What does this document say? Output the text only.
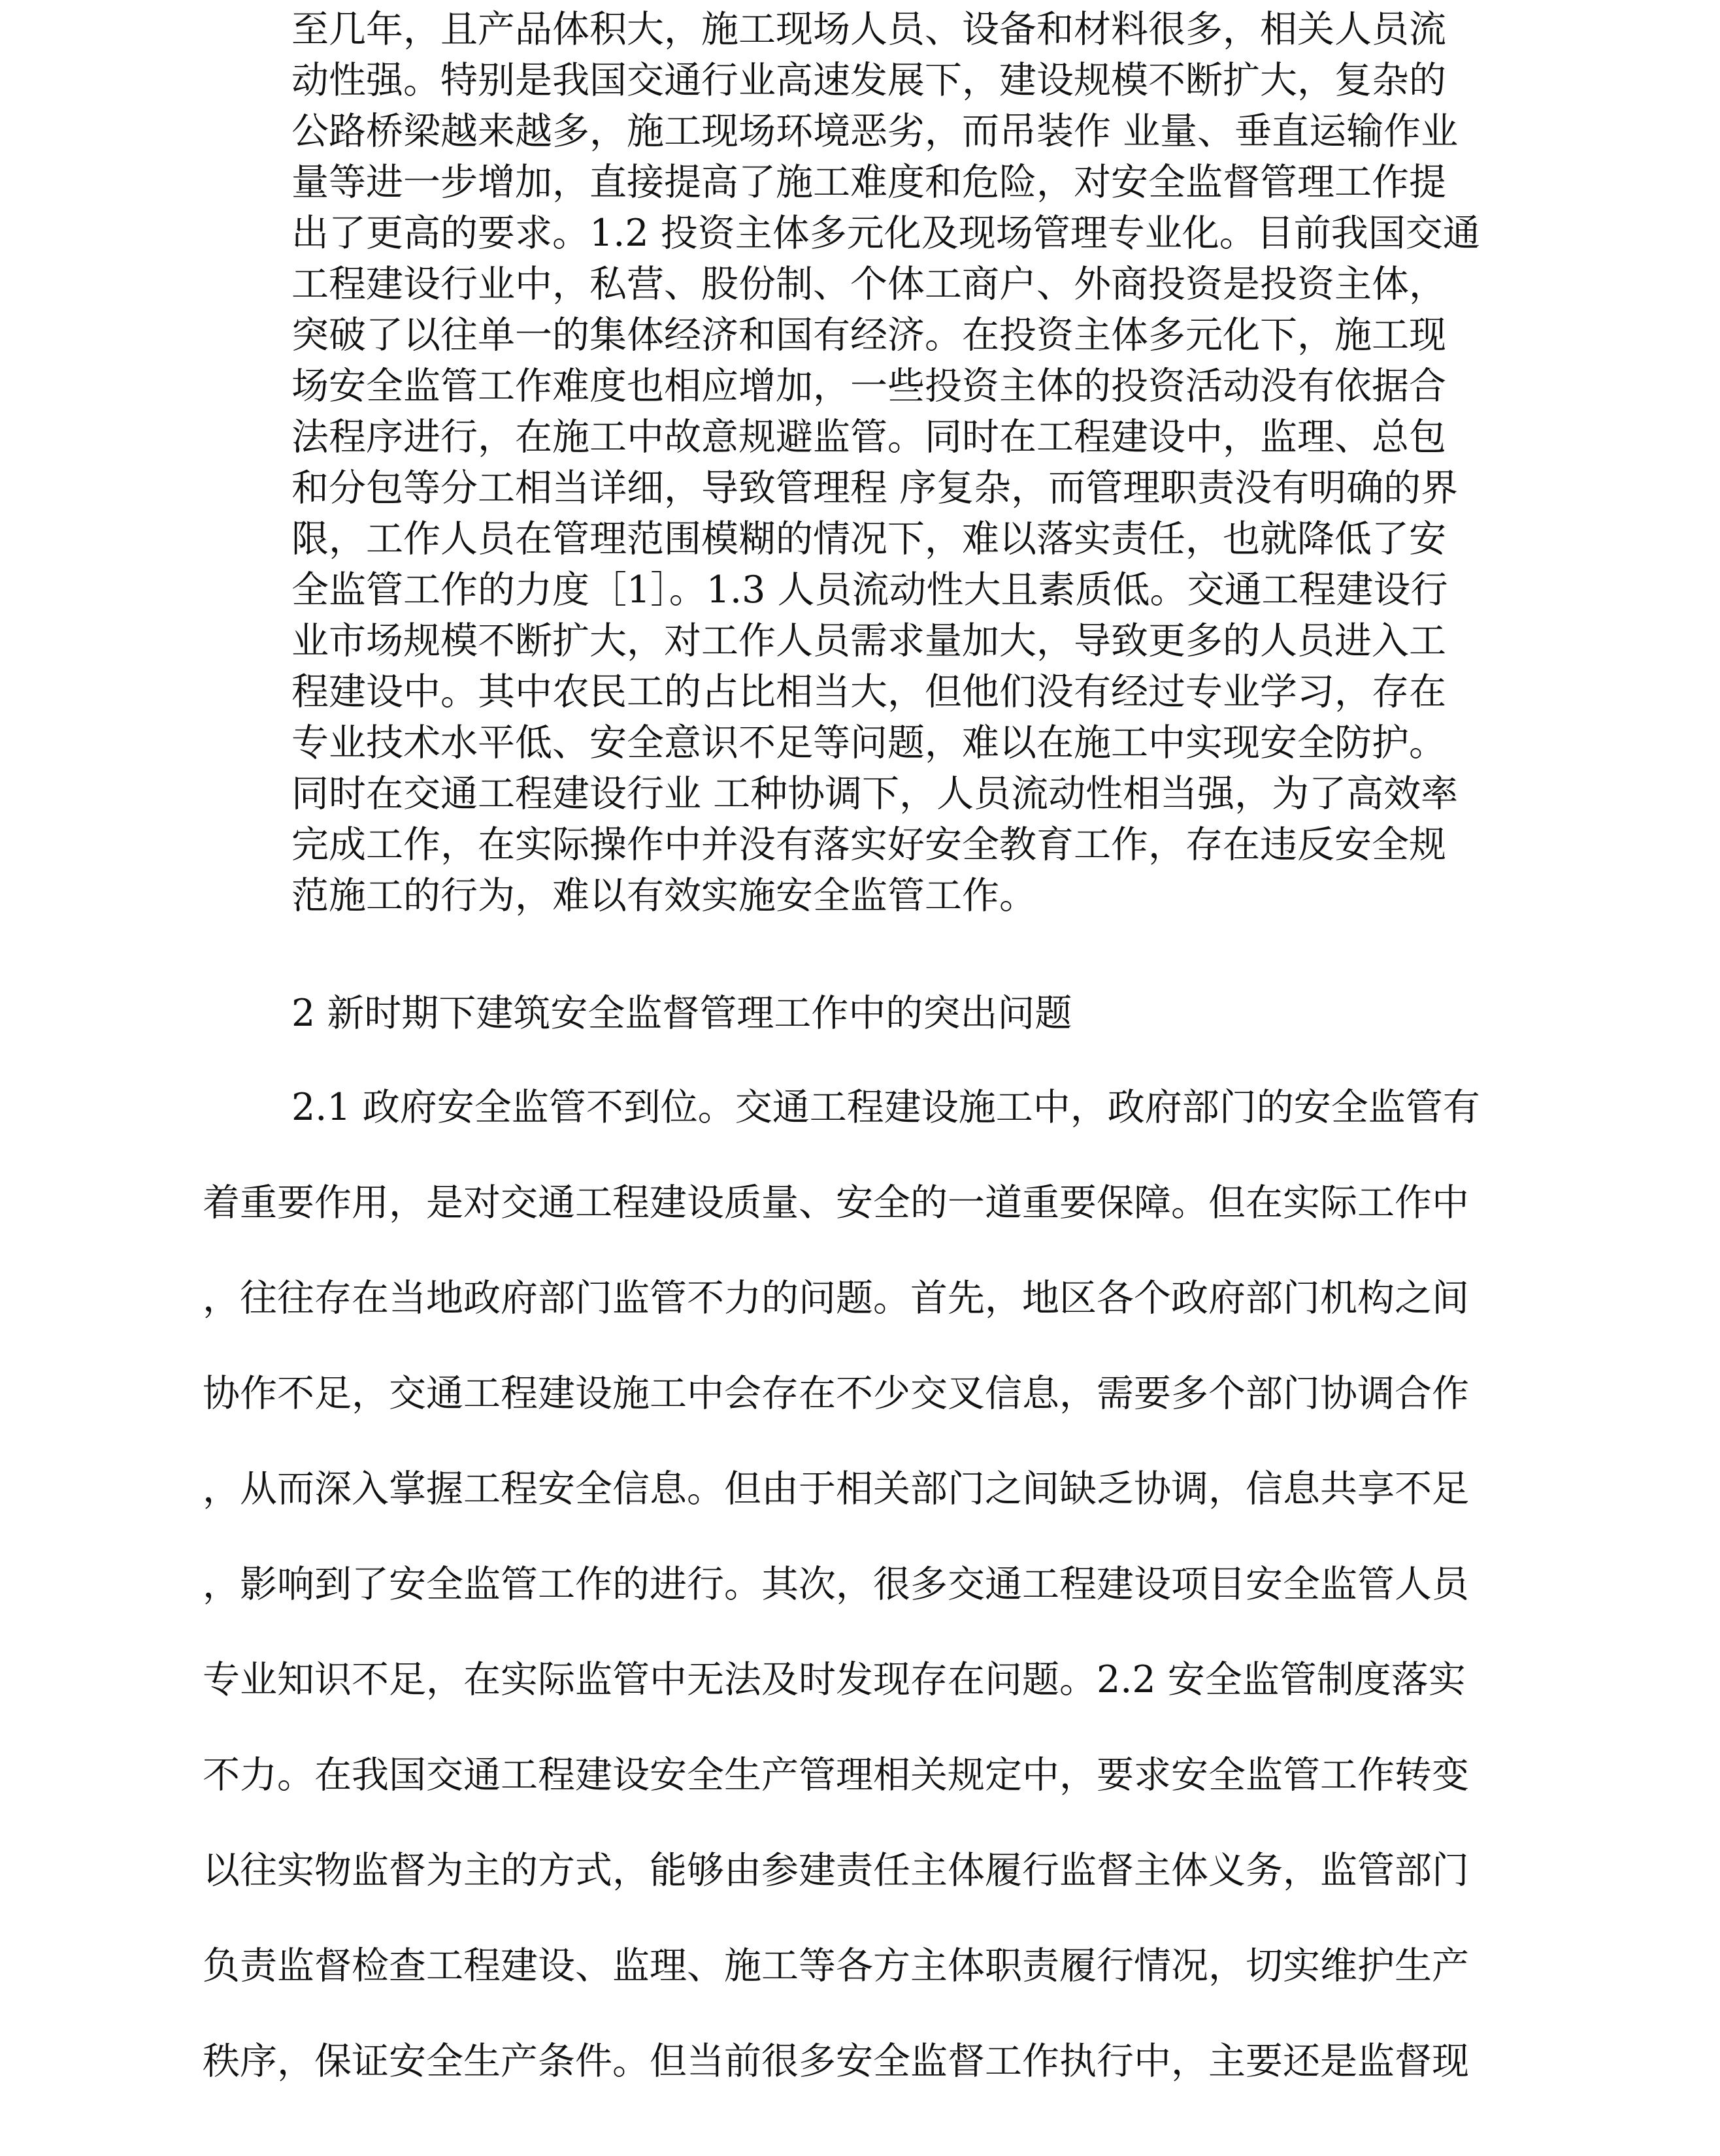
至几年，且产品体积大，施工现场人员、设备和材料很多，相关人员流
动性强。特别是我国交通行业高速发展下，建设规模不断扩大，复杂的
公路桥梁越来越多，施工现场环境恶劣，而吊装作 业量、垂直运输作业
量等进一步增加，直接提高了施工难度和危险，对安全监督管理工作提
出了更高的要求。1.2 投资主体多元化及现场管理专业化。目前我国交通
工程建设行业中，私营、股份制、个体工商户、外商投资是投资主体，
突破了以往单一的集体经济和国有经济。在投资主体多元化下，施工现
场安全监管工作难度也相应增加，一些投资主体的投资活动没有依据合
法程序进行，在施工中故意规避监管。同时在工程建设中，监理、总包
和分包等分工相当详细，导致管理程 序复杂，而管理职责没有明确的界
限，工作人员在管理范围模糊的情况下，难以落实责任，也就降低了安
全监管工作的力度［1］。1.3 人员流动性大且素质低。交通工程建设行
业市场规模不断扩大，对工作人员需求量加大，导致更多的人员进入工
程建设中。其中农民工的占比相当大，但他们没有经过专业学习，存在
专业技术水平低、安全意识不足等问题，难以在施工中实现安全防护。
同时在交通工程建设行业 工种协调下，人员流动性相当强，为了高效率
完成工作，在实际操作中并没有落实好安全教育工作，存在违反安全规
范施工的行为，难以有效实施安全监管工作。
2 新时期下建筑安全监督管理工作中的突出问题
2.1 政府安全监管不到位。交通工程建设施工中，政府部门的安全监管有
着重要作用，是对交通工程建设质量、安全的一道重要保障。但在实际工作中
，往往存在当地政府部门监管不力的问题。首先，地区各个政府部门机构之间
协作不足，交通工程建设施工中会存在不少交叉信息，需要多个部门协调合作
，从而深入掌握工程安全信息。但由于相关部门之间缺乏协调，信息共享不足
，影响到了安全监管工作的进行。其次，很多交通工程建设项目安全监管人员
专业知识不足，在实际监管中无法及时发现存在问题。2.2 安全监管制度落实
不力。在我国交通工程建设安全生产管理相关规定中，要求安全监管工作转变
以往实物监督为主的方式，能够由参建责任主体履行监督主体义务，监管部门
负责监督检查工程建设、监理、施工等各方主体职责履行情况，切实维护生产
秩序，保证安全生产条件。但当前很多安全监督工作执行中，主要还是监督现
